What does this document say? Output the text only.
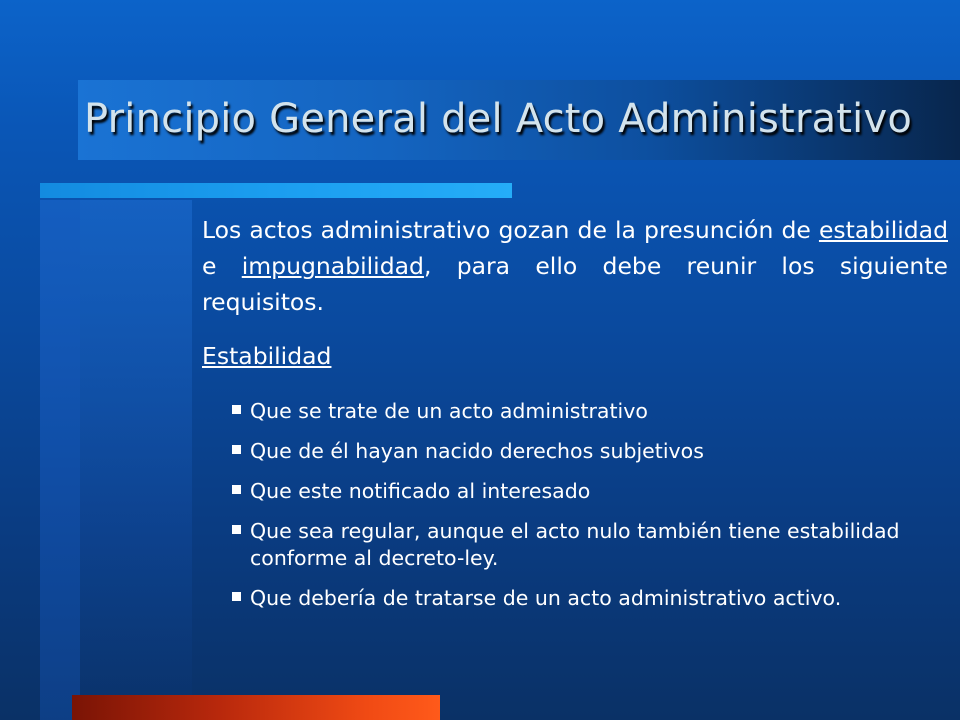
Principio General del Acto Administrativo

Los actos administrativo gozan de la presunción de estabilidad e impugnabilidad, para ello debe reunir los siguiente requisitos.

Estabilidad
Que se trate de un acto administrativo
Que de él hayan nacido derechos subjetivos
Que este notificado al interesado
Que sea regular, aunque el acto nulo también tiene estabilidad conforme al decreto-ley.
Que debería de tratarse de un acto administrativo activo.
